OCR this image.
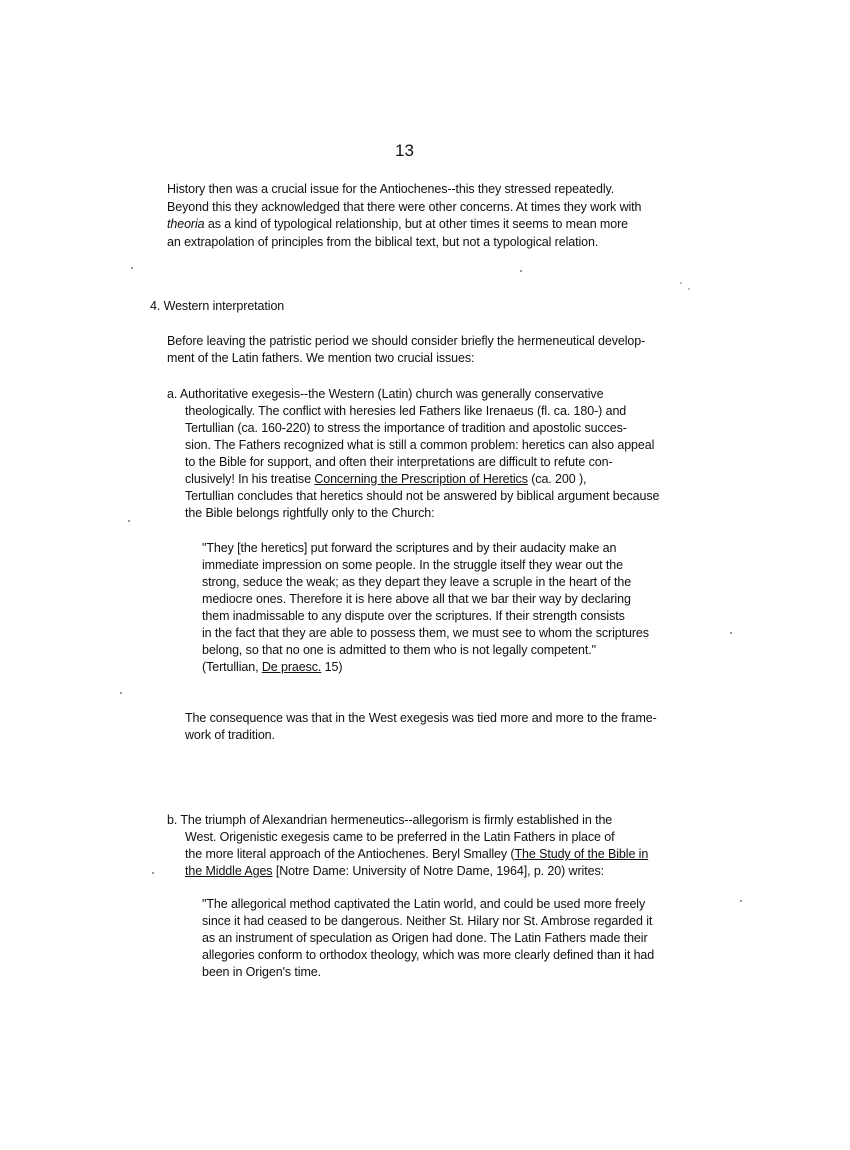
13
History then was a crucial issue for the Antiochenes--this they stressed repeatedly.
Beyond this they acknowledged that there were other concerns. At times they work with
theoria as a kind of typological relationship, but at other times it seems to mean more
an extrapolation of principles from the biblical text, but not a typological relation.
4. Western interpretation
Before leaving the patristic period we should consider briefly the hermeneutical develop-
ment of the Latin fathers. We mention two crucial issues:
a. Authoritative exegesis--the Western (Latin) church was generally conservative
theologically. The conflict with heresies led Fathers like Irenaeus (fl. ca. 180-) and
Tertullian (ca. 160-220) to stress the importance of tradition and apostolic succes-
sion. The Fathers recognized what is still a common problem: heretics can also appeal
to the Bible for support, and often their interpretations are difficult to refute con-
clusively! In his treatise Concerning the Prescription of Heretics (ca. 200 ),
Tertullian concludes that heretics should not be answered by biblical argument because
the Bible belongs rightfully only to the Church:
"They [the heretics] put forward the scriptures and by their audacity make an
immediate impression on some people. In the struggle itself they wear out the
strong, seduce the weak; as they depart they leave a scruple in the heart of the
mediocre ones. Therefore it is here above all that we bar their way by declaring
them inadmissable to any dispute over the scriptures. If their strength consists
in the fact that they are able to possess them, we must see to whom the scriptures
belong, so that no one is admitted to them who is not legally competent."
(Tertullian, De praesc. 15)
The consequence was that in the West exegesis was tied more and more to the frame-
work of tradition.
b. The triumph of Alexandrian hermeneutics--allegorism is firmly established in the
West. Origenistic exegesis came to be preferred in the Latin Fathers in place of
the more literal approach of the Antiochenes. Beryl Smalley (The Study of the Bible in
the Middle Ages [Notre Dame: University of Notre Dame, 1964], p. 20) writes:
"The allegorical method captivated the Latin world, and could be used more freely
since it had ceased to be dangerous. Neither St. Hilary nor St. Ambrose regarded it
as an instrument of speculation as Origen had done. The Latin Fathers made their
allegories conform to orthodox theology, which was more clearly defined than it had
been in Origen's time.
